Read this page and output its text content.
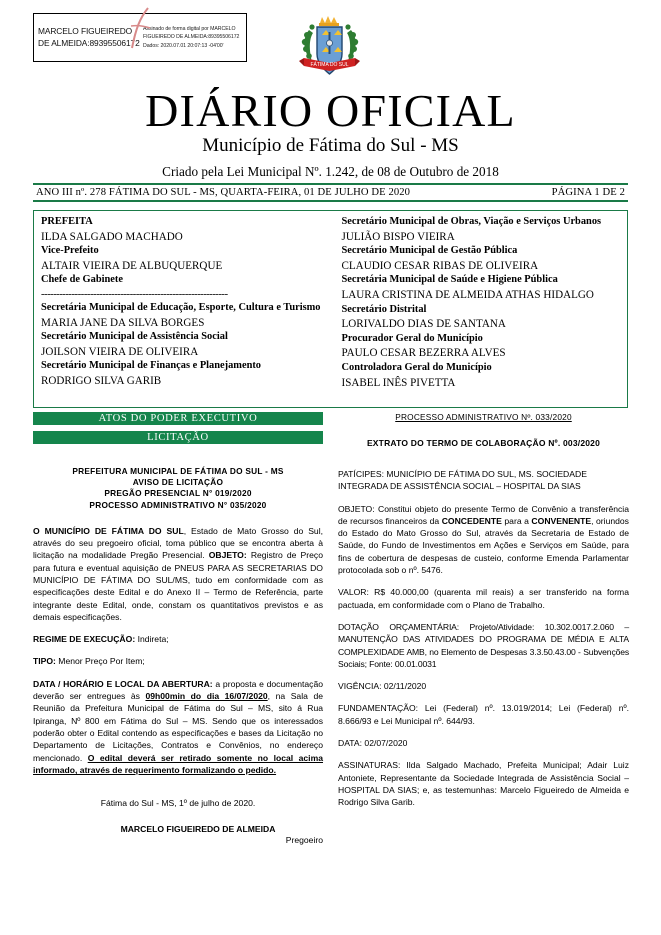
MARCELO FIGUEIREDO DE ALMEIDA:89395506172
Assinado de forma digital por MARCELO FIGUEIREDO DE ALMEIDA:89395506172 Dados: 2020.07.01 20:07:13 -04'00'
FÁTIMA DO SUL
DIÁRIO OFICIAL
Município de Fátima do Sul - MS
Criado pela Lei Municipal Nº. 1.242, de 08 de Outubro de 2018
ANO III nº. 278 FÁTIMA DO SUL - MS, QUARTA-FEIRA, 01 DE JULHO DE 2020	PÁGINA 1 DE 2
PREFEITA
ILDA SALGADO MACHADO
Vice-Prefeito
ALTAIR VIEIRA DE ALBUQUERQUE
Chefe de Gabinete
-------------------------------------------------------------
Secretária Municipal de Educação, Esporte, Cultura e Turismo
MARIA JANE DA SILVA BORGES
Secretário Municipal de Assistência Social
JOILSON VIEIRA DE OLIVEIRA
Secretário Municipal de Finanças e Planejamento
RODRIGO SILVA GARIB
Secretário Municipal de Obras, Viação e Serviços Urbanos
JULIÃO BISPO VIEIRA
Secretário Municipal de Gestão Pública
CLAUDIO CESAR RIBAS DE OLIVEIRA
Secretária Municipal de Saúde e Higiene Pública
LAURA CRISTINA DE ALMEIDA ATHAS HIDALGO
Secretário Distrital
LORIVALDO DIAS DE SANTANA
Procurador Geral do Município
PAULO CESAR BEZERRA ALVES
Controladora Geral do Município
ISABEL INÊS PIVETTA
ATOS DO PODER EXECUTIVO
LICITAÇÃO
PREFEITURA MUNICIPAL DE FÁTIMA DO SUL - MS
AVISO DE LICITAÇÃO
PREGÃO PRESENCIAL N° 019/2020
PROCESSO ADMINISTRATIVO N° 035/2020

O MUNICÍPIO DE FÁTIMA DO SUL, Estado de Mato Grosso do Sul, através do seu pregoeiro oficial, toma público que se encontra aberta à licitação na modalidade Pregão Presencial. OBJETO: Registro de Preço para futura e eventual aquisição de PNEUS PARA AS SECRETARIAS DO MUNICÍPIO DE FÁTIMA DO SUL/MS, tudo em conformidade com as especificações deste Edital e do Anexo II – Termo de Referência, parte integrante deste Edital, onde, constam os quantitativos previstos e as demais especificações.

REGIME DE EXECUÇÃO: Indireta;

TIPO: Menor Preço Por Item;

DATA / HORÁRIO E LOCAL DA ABERTURA: a proposta e documentação deverão ser entregues às 09h00min do dia 16/07/2020, na Sala de Reunião da Prefeitura Municipal de Fátima do Sul – MS, sito á Rua Ipiranga, Nº 800 em Fátima do Sul – MS. Sendo que os interessados poderão obter o Edital contendo as especificações e bases da Licitação no Departamento de Licitações, Contratos e Convênios, no endereço mencionado. O edital deverá ser retirado somente no local acima informado, através de requerimento formalizando o pedido.

Fátima do Sul - MS, 1º de julho de 2020.
MARCELO FIGUEIREDO DE ALMEIDA
Pregoeiro
PROCESSO ADMINISTRATIVO Nº. 033/2020
EXTRATO DO TERMO DE COLABORAÇÃO Nº. 003/2020

PATÍCIPES: MUNICÍPIO DE FÁTIMA DO SUL, MS. SOCIEDADE INTEGRADA DE ASSISTÊNCIA SOCIAL – HOSPITAL DA SIAS

OBJETO: Constitui objeto do presente Termo de Convênio a transferência de recursos financeiros da CONCEDENTE para a CONVENENTE, oriundos do Estado do Mato Grosso do Sul, através da Secretaria de Estado de Saúde, do Fundo de Investimentos em Ações e Serviços em Saúde, para fins de cobertura de despesas de custeio, conforme Emenda Parlamentar protocolada sob o nº. 5476.

VALOR: R$ 40.000,00 (quarenta mil reais) a ser transferido na forma pactuada, em conformidade com o Plano de Trabalho.

DOTAÇÃO ORÇAMENTÁRIA: Projeto/Atividade: 10.302.0017.2.060 – MANUTENÇÃO DAS ATIVIDADES DO PROGRAMA DE MÉDIA E ALTA COMPLEXIDADE AMB, no Elemento de Despesas 3.3.50.43.00 - Subvenções Sociais; Fonte: 00.01.0031

VIGÊNCIA: 02/11/2020

FUNDAMENTAÇÃO: Lei (Federal) nº. 13.019/2014; Lei (Federal) nº. 8.666/93 e Lei Municipal nº. 644/93.

DATA: 02/07/2020

ASSINATURAS: Ilda Salgado Machado, Prefeita Municipal; Adair Luiz Antoniete, Representante da Sociedade Integrada de Assistência Social – HOSPITAL DA SIAS; e, as testemunhas: Marcelo Figueiredo de Almeida e Rodrigo Silva Garib.
